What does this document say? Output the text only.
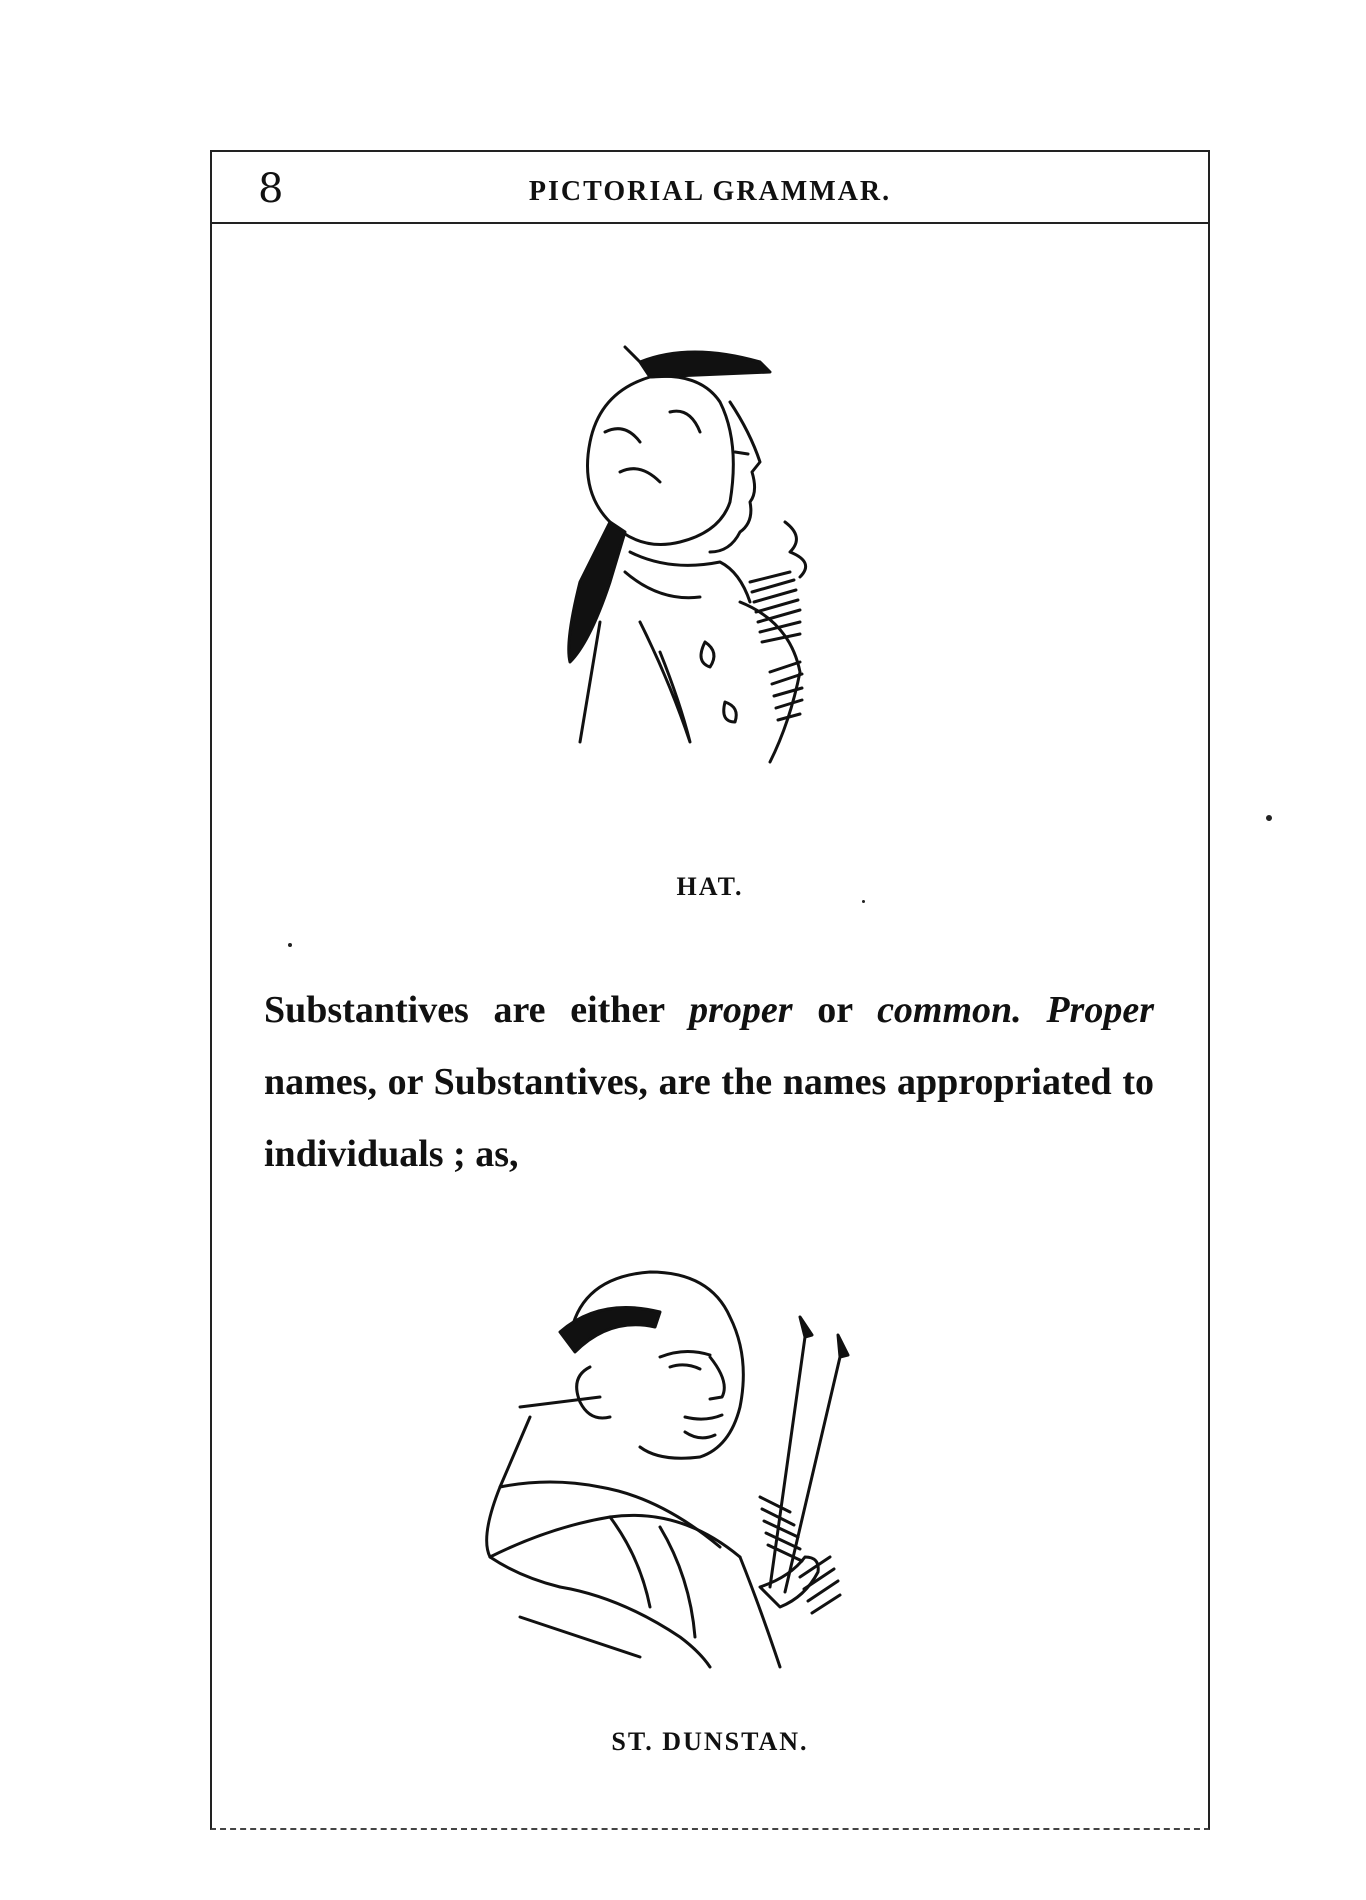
8	PICTORIAL GRAMMAR.
HAT.
Substantives are either proper or common. Proper names, or Substantives, are the names appropriated to individuals ; as,
ST. DUNSTAN.
